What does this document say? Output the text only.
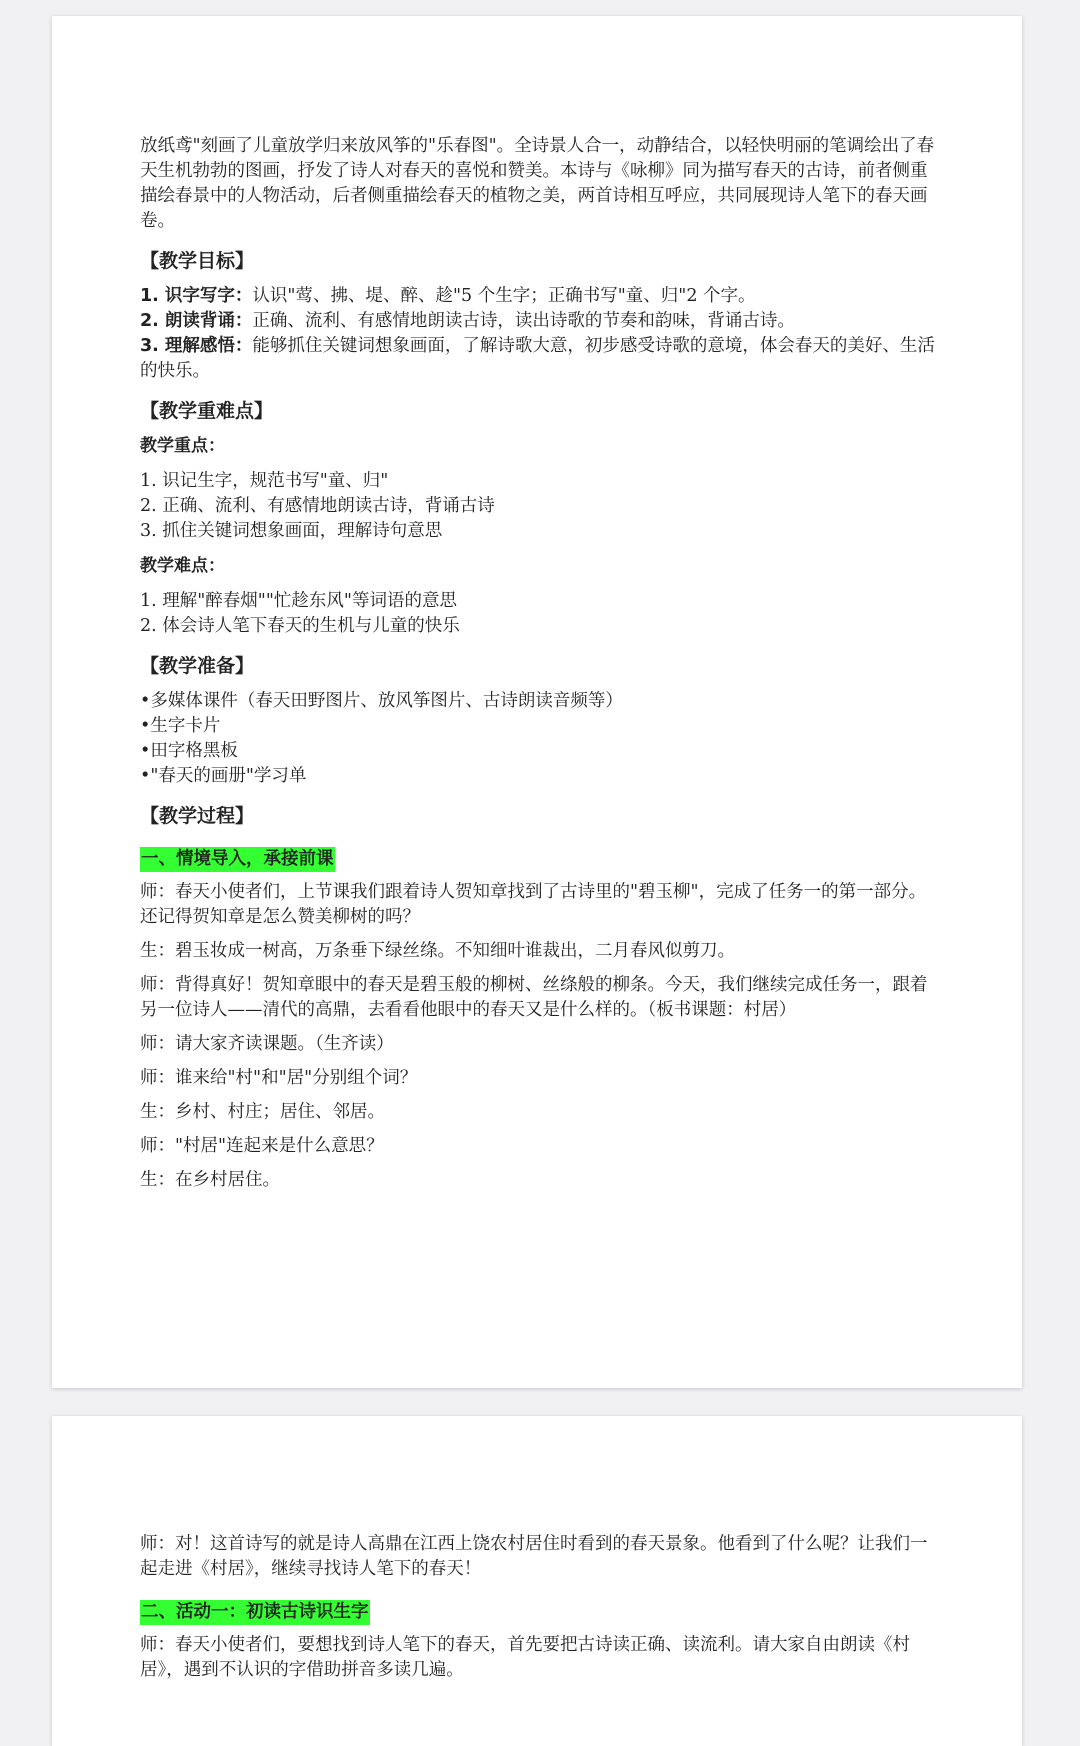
放纸鸢"刻画了儿童放学归来放风筝的"乐春图"。全诗景人合一，动静结合，以轻快明丽的笔调绘出了春天生机勃勃的图画，抒发了诗人对春天的喜悦和赞美。本诗与《咏柳》同为描写春天的古诗，前者侧重描绘春景中的人物活动，后者侧重描绘春天的植物之美，两首诗相互呼应，共同展现诗人笔下的春天画卷。

【教学目标】

1. 识字写字：认识"莺、拂、堤、醉、趁"5 个生字；正确书写"童、归"2 个字。

2. 朗读背诵：正确、流利、有感情地朗读古诗，读出诗歌的节奏和韵味，背诵古诗。

3. 理解感悟：能够抓住关键词想象画面，了解诗歌大意，初步感受诗歌的意境，体会春天的美好、生活的快乐。

【教学重难点】

教学重点：

1. 识记生字，规范书写"童、归"

2. 正确、流利、有感情地朗读古诗，背诵古诗

3. 抓住关键词想象画面，理解诗句意思

教学难点：

1. 理解"醉春烟""忙趁东风"等词语的意思

2. 体会诗人笔下春天的生机与儿童的快乐

【教学准备】

•多媒体课件（春天田野图片、放风筝图片、古诗朗读音频等）

•生字卡片

•田字格黑板

•"春天的画册"学习单

【教学过程】

一、情境导入，承接前课

师：春天小使者们，上节课我们跟着诗人贺知章找到了古诗里的"碧玉柳"，完成了任务一的第一部分。还记得贺知章是怎么赞美柳树的吗？

生：碧玉妆成一树高，万条垂下绿丝绦。不知细叶谁裁出，二月春风似剪刀。

师：背得真好！贺知章眼中的春天是碧玉般的柳树、丝绦般的柳条。今天，我们继续完成任务一，跟着另一位诗人——清代的高鼎，去看看他眼中的春天又是什么样的。（板书课题：村居）

师：请大家齐读课题。（生齐读）

师：谁来给"村"和"居"分别组个词？

生：乡村、村庄；居住、邻居。

师："村居"连起来是什么意思？

生：在乡村居住。

师：对！这首诗写的就是诗人高鼎在江西上饶农村居住时看到的春天景象。他看到了什么呢？让我们一起走进《村居》，继续寻找诗人笔下的春天！

二、活动一：初读古诗识生字

师：春天小使者们，要想找到诗人笔下的春天，首先要把古诗读正确、读流利。请大家自由朗读《村居》，遇到不认识的字借助拼音多读几遍。
